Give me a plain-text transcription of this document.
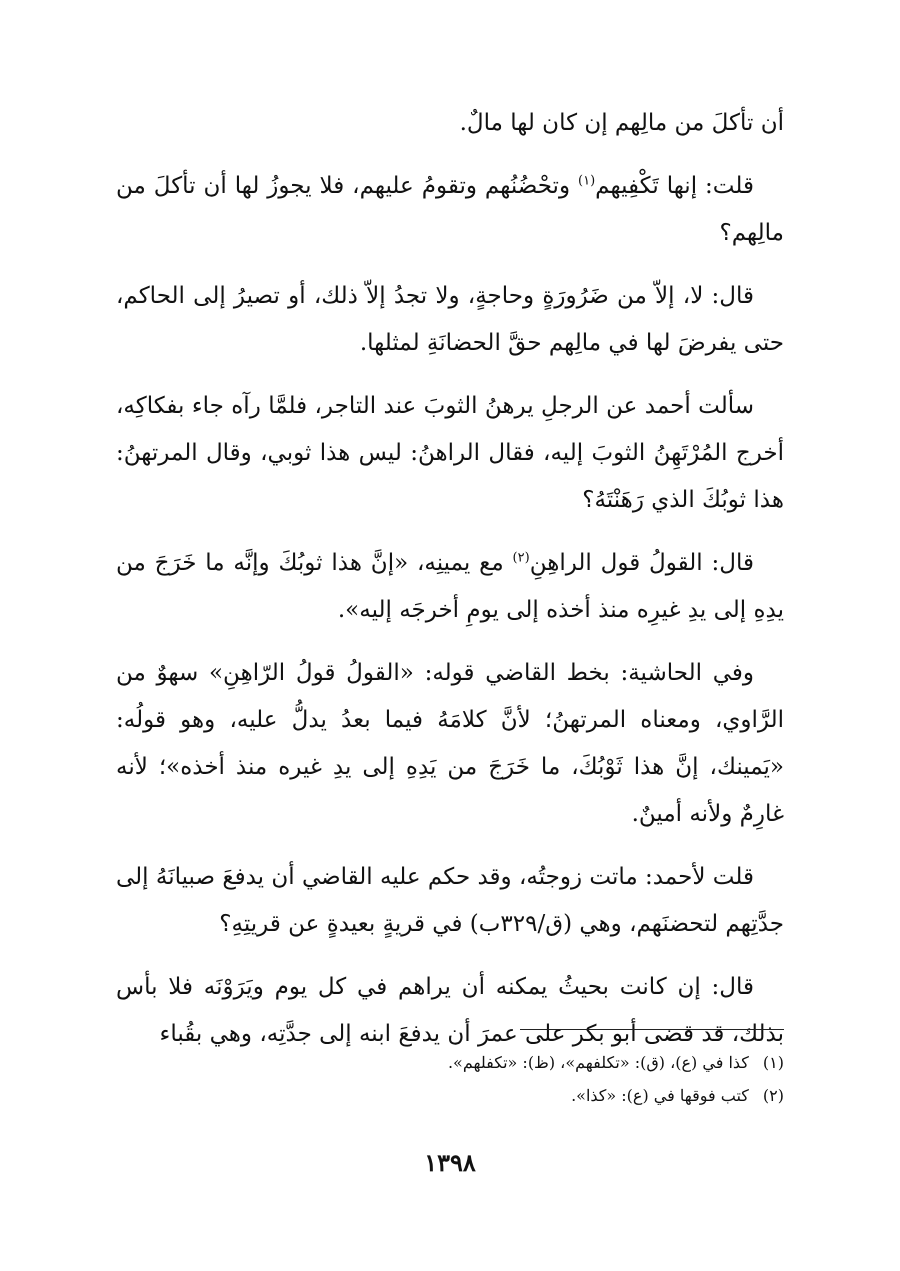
أن تأكلَ من مالِهم إن كان لها مالٌ.

قلت: إنها تَكْفِيهم$^{(١)}$ وتحْضُنُهم وتقومُ عليهم، فلا يجوزُ لها أن تأكلَ من مالِهم؟

قال: لا، إلاّ من ضَرُورَةٍ وحاجةٍ، ولا تجدُ إلاّ ذلك، أو تصيرُ إلى الحاكم، حتى يفرضَ لها في مالِهم حقَّ الحضانَةِ لمثلها.

سألت أحمد عن الرجلِ يرهنُ الثوبَ عند التاجر، فلمَّا رآه جاء بفكاكِه، أخرج المُرْتَهِنُ الثوبَ إليه، فقال الراهنُ: ليس هذا ثوبي، وقال المرتهنُ: هذا ثوبُكَ الذي رَهَنْتَهُ؟

قال: القولُ قول الراهِنِ$^{(٢)}$ مع يمينِه، «إنَّ هذا ثوبُكَ وإنَّه ما خَرَجَ من يدِهِ إلى يدِ غيرِه منذ أخذه إلى يومِ أخرجَه إليه».

وفي الحاشية: بخط القاضي قوله: «القولُ قولُ الرّاهِنِ» سهوٌ من الرَّاوي، ومعناه المرتهنُ؛ لأنَّ كلامَهُ فيما بعدُ يدلُّ عليه، وهو قولُه: «يَمينك، إنَّ هذا ثَوْبُكَ، ما خَرَجَ من يَدِهِ إلى يدِ غيره منذ أخذه»؛ لأنه غارِمٌ ولأنه أمينٌ.

قلت لأحمد: ماتت زوجتُه، وقد حكم عليه القاضي أن يدفعَ صبيانَهُ إلى جدَّتِهم لتحضنَهم، وهي (ق/٣٢٩ب) في قريةٍ بعيدةٍ عن قريتِهِ؟

قال: إن كانت بحيثُ يمكنه أن يراهم في كل يوم ويَرَوْنَه فلا بأس بذلك، قد قضى أبو بكر على عمرَ أن يدفعَ ابنه إلى جدَّتِه، وهي بقُباء

(١)كذا في (ع)، (ق): «تكلفهم»، (ظ): «تكفلهم».

(٢)كتب فوقها في (ع): «كذا».

١٣٩٨
